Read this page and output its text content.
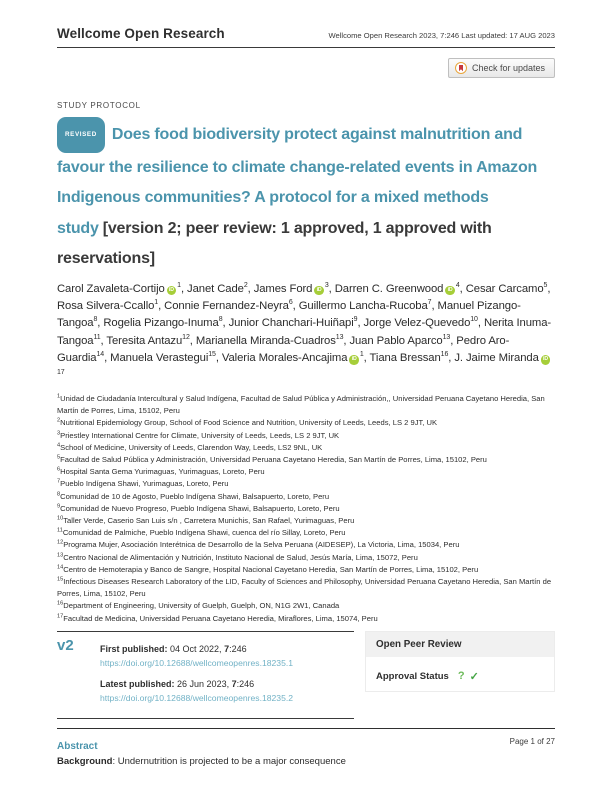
Wellcome Open Research	Wellcome Open Research 2023, 7:246 Last updated: 17 AUG 2023
Check for updates
STUDY PROTOCOL
REVISED Does food biodiversity protect against malnutrition and favour the resilience to climate change-related events in Amazon Indigenous communities? A protocol for a mixed methods study [version 2; peer review: 1 approved, 1 approved with reservations]
Carol Zavaleta-Cortijo $iD^1$, Janet Cade$^2$, James Ford $iD^3$, Darren C. Greenwood $iD^4$, Cesar Carcamo$^5$, Rosa Silvera-Ccallo$^1$, Connie Fernandez-Neyra$^6$, Guillermo Lancha-Rucoba$^7$, Manuel Pizango-Tangoa$^8$, Rogelia Pizango-Inuma$^8$, Junior Chanchari-Huiñapi$^9$, Jorge Velez-Quevedo$^{10}$, Nerita Inuma-Tangoa$^{11}$, Teresita Antazu$^{12}$, Marianella Miranda-Cuadros$^{13}$, Juan Pablo Aparco$^{13}$, Pedro Aro-Guardia$^{14}$, Manuela Verastegui$^{15}$, Valeria Morales-Ancajima $iD^1$, Tiana Bressan$^{16}$, J. Jaime Miranda $iD^{17}$
$^1$Unidad de Ciudadanía Intercultural y Salud Indígena, Facultad de Salud Pública y Administración,, Universidad Peruana Cayetano Heredia, San Martín de Porres, Lima, 15102, Peru
$^2$Nutritional Epidemiology Group, School of Food Science and Nutrition, University of Leeds, Leeds, LS 2 9JT, UK
$^3$Priestley International Centre for Climate, University of Leeds, Leeds, LS 2 9JT, UK
$^4$School of Medicine, University of Leeds, Clarendon Way, Leeds, LS2 9NL, UK
$^5$Facultad de Salud Pública y Administración, Universidad Peruana Cayetano Heredia, San Martín de Porres, Lima, 15102, Peru
$^6$Hospital Santa Gema Yurimaguas, Yurimaguas, Loreto, Peru
$^7$Pueblo Indígena Shawi, Yurimaguas, Loreto, Peru
$^8$Comunidad de 10 de Agosto, Pueblo Indígena Shawi, Balsapuerto, Loreto, Peru
$^9$Comunidad de Nuevo Progreso, Pueblo Indígena Shawi, Balsapuerto, Loreto, Peru
$^{10}$Taller Verde, Caserio San Luis s/n , Carretera Munichis, San Rafael, Yurimaguas, Peru
$^{11}$Comunidad de Palmiche, Pueblo Indígena Shawi, cuenca del río Sillay, Loreto, Peru
$^{12}$Programa Mujer, Asociación Interétnica de Desarrollo de la Selva Peruana (AIDESEP), La Victoria, Lima, 15034, Peru
$^{13}$Centro Nacional de Alimentación y Nutrición, Instituto Nacional de Salud, Jesús María, Lima, 15072, Peru
$^{14}$Centro de Hemoterapia y Banco de Sangre, Hospital Nacional Cayetano Heredia, San Martín de Porres, Lima, 15102, Peru
$^{15}$Infectious Diseases Research Laboratory of the LID, Faculty of Sciences and Philosophy, Universidad Peruana Cayetano Heredia, San Martín de Porres, Lima, 15102, Peru
$^{16}$Department of Engineering, University of Guelph, Guelph, ON, N1G 2W1, Canada
$^{17}$Facultad de Medicina, Universidad Peruana Cayetano Heredia, Miraflores, Lima, 15074, Peru
v2	First published: 04 Oct 2022, 7:246
https://doi.org/10.12688/wellcomeopenres.18235.1
Latest published: 26 Jun 2023, 7:246
https://doi.org/10.12688/wellcomeopenres.18235.2
Open Peer Review
Approval Status ? ✓
Abstract
Background: Undernutrition is projected to be a major consequence
Page 1 of 27
